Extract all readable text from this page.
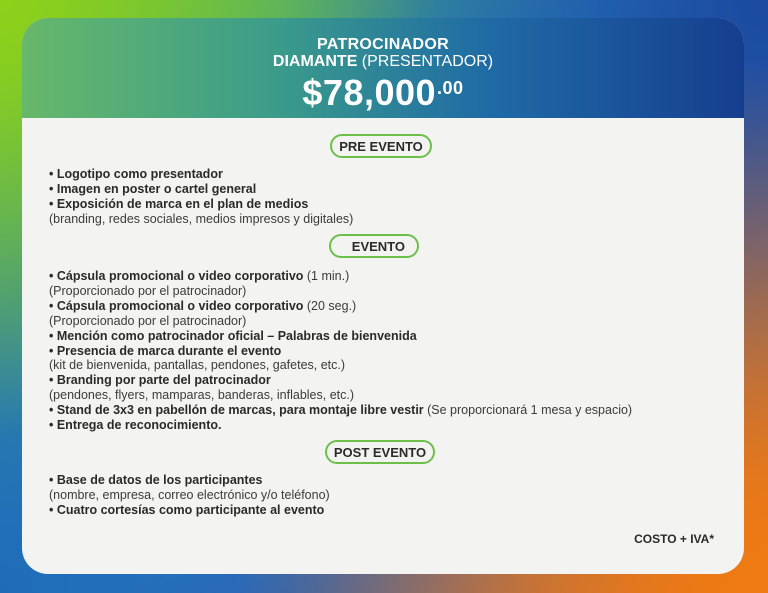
PATROCINADOR
DIAMANTE (PRESENTADOR)
$\$78,000^{.00}$
PRE EVENTO
• Logotipo como presentador
• Imagen en poster o cartel general
• Exposición de marca en el plan de medios
(branding, redes sociales, medios impresos y digitales)
EVENTO
• Cápsula promocional o video corporativo (1 min.)
(Proporcionado por el patrocinador)
• Cápsula promocional o video corporativo (20 seg.)
(Proporcionado por el patrocinador)
• Mención como patrocinador oficial – Palabras de bienvenida
• Presencia de marca durante el evento
(kit de bienvenida, pantallas, pendones, gafetes, etc.)
• Branding por parte del patrocinador
(pendones, flyers, mamparas, banderas, inflables, etc.)
• Stand de 3x3 en pabellón de marcas, para montaje libre vestir (Se proporcionará 1 mesa y espacio)
• Entrega de reconocimiento.
POST EVENTO
• Base de datos de los participantes
(nombre, empresa, correo electrónico y/o teléfono)
• Cuatro cortesías como participante al evento
COSTO + IVA*
